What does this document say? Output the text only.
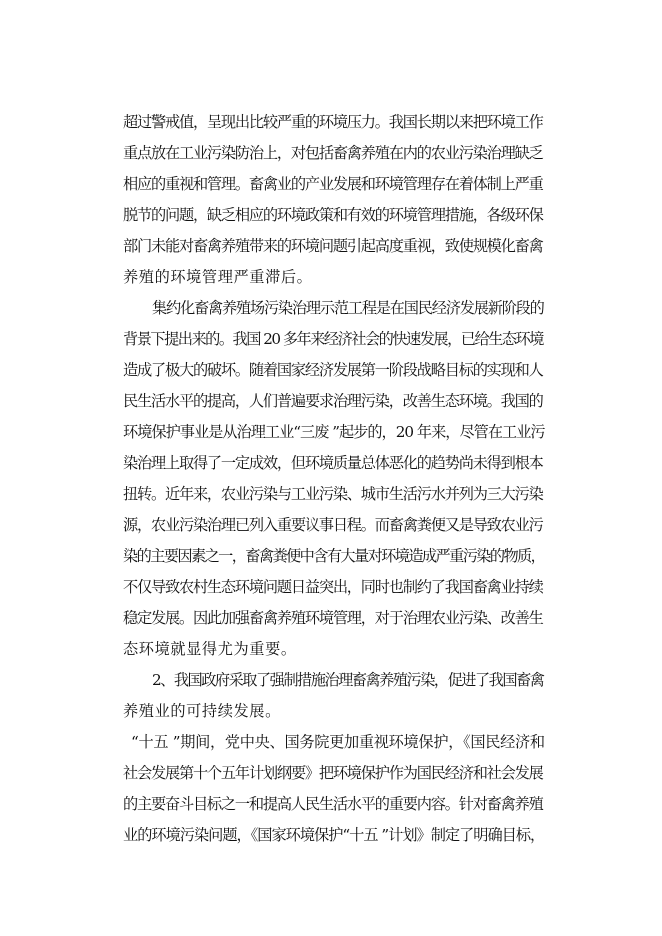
超过警戒值，呈现出比较严重的环境压力。我国长期以来把环境工作
重点放在工业污染防治上，对包括畜禽养殖在内的农业污染治理缺乏
相应的重视和管理。畜禽业的产业发展和环境管理存在着体制上严重
脱节的问题，缺乏相应的环境政策和有效的环境管理措施，各级环保
部门未能对畜禽养殖带来的环境问题引起高度重视，致使规模化畜禽
养殖的环境管理严重滞后。
集约化畜禽养殖场污染治理示范工程是在国民经济发展新阶段的
背景下提出来的。我国 20 多年来经济社会的快速发展，已给生态环境
造成了极大的破坏。随着国家经济发展第一阶段战略目标的实现和人
民生活水平的提高，人们普遍要求治理污染，改善生态环境。我国的
环境保护事业是从治理工业“三废 ”起步的，20 年来，尽管在工业污
染治理上取得了一定成效，但环境质量总体恶化的趋势尚未得到根本
扭转。近年来，农业污染与工业污染、城市生活污水并列为三大污染
源，农业污染治理已列入重要议事日程。而畜禽粪便又是导致农业污
染的主要因素之一，畜禽粪便中含有大量对环境造成严重污染的物质，
不仅导致农村生态环境问题日益突出，同时也制约了我国畜禽业持续
稳定发展。因此加强畜禽养殖环境管理，对于治理农业污染、改善生
态环境就显得尤为重要。
2、我国政府采取了强制措施治理畜禽养殖污染，促进了我国畜禽
养殖业的可持续发展。
“十五 ”期间，党中央、国务院更加重视环境保护，《国民经济和
社会发展第十个五年计划纲要》把环境保护作为国民经济和社会发展
的主要奋斗目标之一和提高人民生活水平的重要内容。针对畜禽养殖
业的环境污染问题，《国家环境保护“十五 ”计划》制定了明确目标，
